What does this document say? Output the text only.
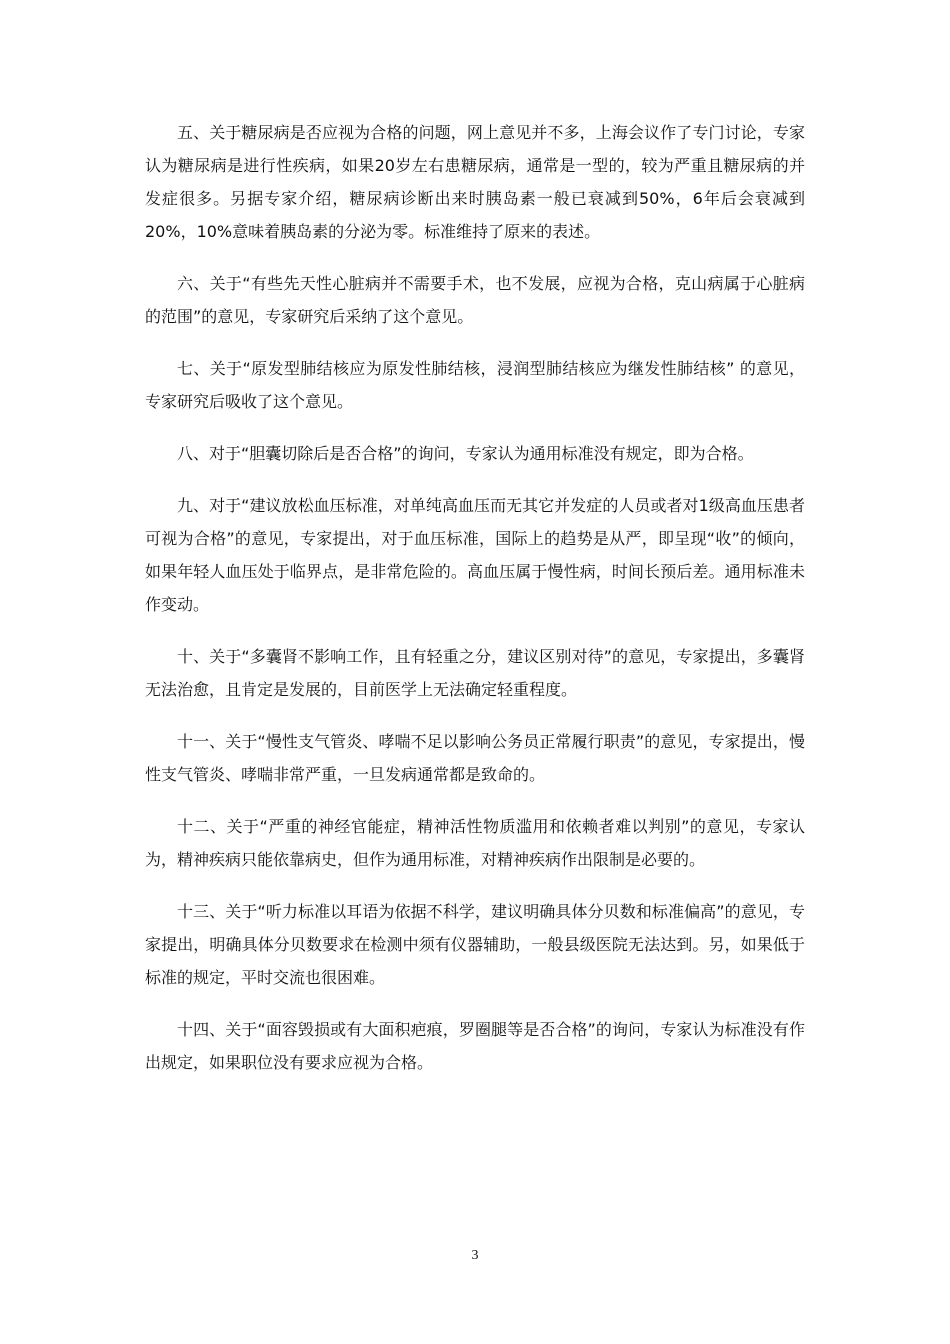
五、关于糖尿病是否应视为合格的问题，网上意见并不多，上海会议作了专门讨论，专家认为糖尿病是进行性疾病，如果20岁左右患糖尿病，通常是一型的，较为严重且糖尿病的并发症很多。另据专家介绍，糖尿病诊断出来时胰岛素一般已衰减到50%，6年后会衰减到20%，10%意味着胰岛素的分泌为零。标准维持了原来的表述。

六、关于“有些先天性心脏病并不需要手术，也不发展，应视为合格，克山病属于心脏病的范围”的意见，专家研究后采纳了这个意见。

七、关于“原发型肺结核应为原发性肺结核，浸润型肺结核应为继发性肺结核” 的意见，专家研究后吸收了这个意见。

八、对于“胆囊切除后是否合格”的询问，专家认为通用标准没有规定，即为合格。

九、对于“建议放松血压标准，对单纯高血压而无其它并发症的人员或者对1级高血压患者可视为合格”的意见，专家提出，对于血压标准，国际上的趋势是从严，即呈现“收”的倾向，如果年轻人血压处于临界点，是非常危险的。高血压属于慢性病，时间长预后差。通用标准未作变动。

十、关于“多囊肾不影响工作，且有轻重之分，建议区别对待”的意见，专家提出，多囊肾无法治愈，且肯定是发展的，目前医学上无法确定轻重程度。

十一、关于“慢性支气管炎、哮喘不足以影响公务员正常履行职责”的意见，专家提出，慢性支气管炎、哮喘非常严重，一旦发病通常都是致命的。

十二、关于“严重的神经官能症，精神活性物质滥用和依赖者难以判别”的意见，专家认为，精神疾病只能依靠病史，但作为通用标准，对精神疾病作出限制是必要的。

十三、关于“听力标准以耳语为依据不科学，建议明确具体分贝数和标准偏高”的意见，专家提出，明确具体分贝数要求在检测中须有仪器辅助，一般县级医院无法达到。另，如果低于标准的规定，平时交流也很困难。

十四、关于“面容毁损或有大面积疤痕，罗圈腿等是否合格”的询问，专家认为标准没有作出规定，如果职位没有要求应视为合格。

3
